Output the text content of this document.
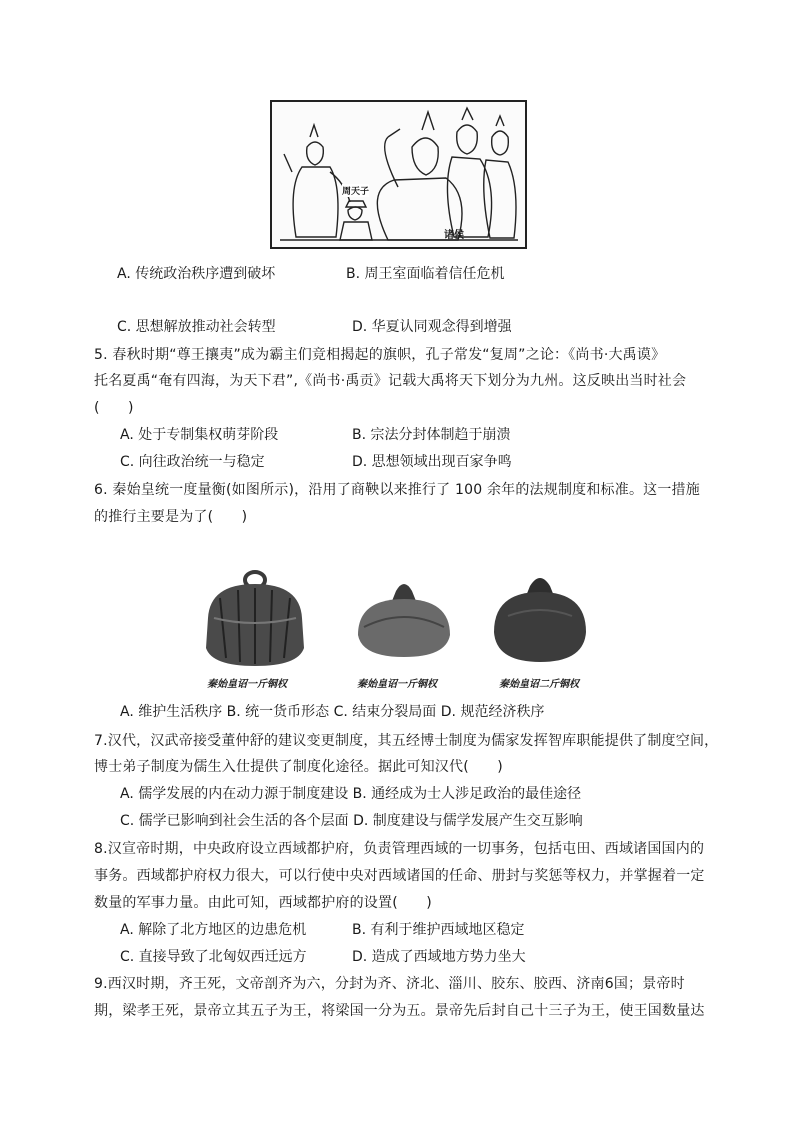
周天子
诸侯
A. 传统政治秩序遭到破坏	B. 周王室面临着信任危机
C. 思想解放推动社会转型	D. 华夏认同观念得到增强
5. 春秋时期“尊王攘夷”成为霸主们竞相揭起的旗帜，孔子常发“复周”之论：《尚书·大禹谟》
托名夏禹“奄有四海，为天下君”,《尚书·禹贡》记载大禹将天下划分为九州。这反映出当时社会
(　　)
A. 处于专制集权萌芽阶段	B. 宗法分封体制趋于崩溃
C. 向往政治统一与稳定	D. 思想领域出现百家争鸣
6. 秦始皇统一度量衡(如图所示)，沿用了商鞅以来推行了 100 余年的法规制度和标准。这一措施
的推行主要是为了(　　)
秦始皇诏一斤铜权	秦始皇诏一斤铜权	秦始皇诏二斤铜权
A. 维护生活秩序 B. 统一货币形态 C. 结束分裂局面 D. 规范经济秩序
7.汉代，汉武帝接受董仲舒的建议变更制度，其五经博士制度为儒家发挥智库职能提供了制度空间，
博士弟子制度为儒生入仕提供了制度化途径。据此可知汉代(　　)
A. 儒学发展的内在动力源于制度建设 B. 通经成为士人涉足政治的最佳途径
C. 儒学已影响到社会生活的各个层面 D. 制度建设与儒学发展产生交互影响
8.汉宣帝时期，中央政府设立西域都护府，负责管理西域的一切事务，包括屯田、西域诸国国内的
事务。西域都护府权力很大，可以行使中央对西域诸国的任命、册封与奖惩等权力，并掌握着一定
数量的军事力量。由此可知，西域都护府的设置(　　)
A. 解除了北方地区的边患危机	B. 有利于维护西域地区稳定
C. 直接导致了北匈奴西迁远方	D. 造成了西域地方势力坐大
9.西汉时期，齐王死，文帝剖齐为六，分封为齐、济北、淄川、胶东、胶西、济南6国；景帝时
期，梁孝王死，景帝立其五子为王，将梁国一分为五。景帝先后封自己十三子为王，使王国数量达
